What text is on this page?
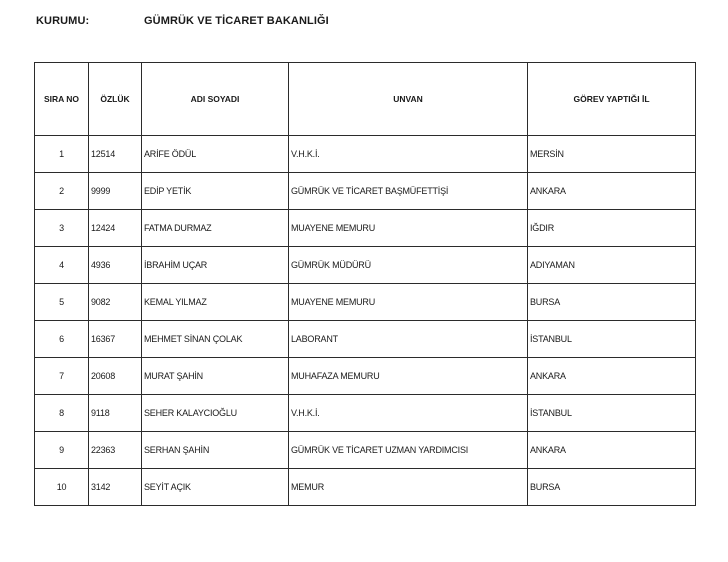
KURUMU:	GÜMRÜK VE TİCARET BAKANLIĞI
SIRA NO	ÖZLÜK	ADI SOYADI	UNVAN	GÖREV YAPTIĞI İL
1	12514	ARİFE ÖDÜL	V.H.K.İ.	MERSİN
2	9999	EDİP YETİK	GÜMRÜK VE TİCARET BAŞMÜFETTİŞİ	ANKARA
3	12424	FATMA DURMAZ	MUAYENE MEMURU	IĞDIR
4	4936	İBRAHİM UÇAR	GÜMRÜK MÜDÜRÜ	ADIYAMAN
5	9082	KEMAL YILMAZ	MUAYENE MEMURU	BURSA
6	16367	MEHMET SİNAN ÇOLAK	LABORANT	İSTANBUL
7	20608	MURAT ŞAHİN	MUHAFAZA MEMURU	ANKARA
8	9118	SEHER KALAYCIOĞLU	V.H.K.İ.	İSTANBUL
9	22363	SERHAN ŞAHİN	GÜMRÜK VE TİCARET UZMAN YARDIMCISI	ANKARA
10	3142	SEYİT AÇIK	MEMUR	BURSA
